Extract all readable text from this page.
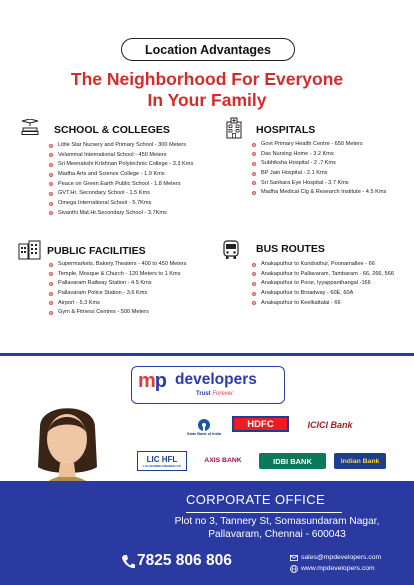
Location Advantages
The Neighborhood For Everyone
In Your Family
SCHOOL & COLLEGES
Little Star Nursery and Primary School - 300 Meters
Velammal International School - 450 Meters
Sri Meenakshi Krishnan Polytechnic College - 3.3 Kms
Madha Arts and Science College - 1.9 Kms
Peace on Green Earth Public School - 1.8 Meters
GVT.Hr. Secondary School - 1.5 Kms
Omega International School - 5.7Kms
Sivanthi Mat.Hr.Secondary School - 3.7Kms
HOSPITALS
Govt Primary Health Centre - 650 Meters
Das Nursing Home - 3.2 Kms
Subhiksha Hospital - 2 .7 Kms
BP Jain Hospital - 2.1 Kms
Sri Sankara Eye Hospital - 3.7 Kms
Madha Medical Clg & Research Institute - 4.5 Kms
PUBLIC FACILITIES
Supermarkets, Bakery,Theaters - 400 to 450 Meters
Temple, Mosque & Church - 120 Meters to 1 Kms
Pallavaram Railway Station - 4.5 Kms
Pallavaram Police Station - 3.6 Kms
Airport - 5.3 Kms
Gym & Fitness Centres - 500 Meters
BUS ROUTES
Anakaputhur to Kundrathur, Poonamallee - 66
Anakaputhur to Pallavaram, Tambaram - 66, 266, 566
Anakaputhur to Porur, Iyyappanthangal -166
Anakaputhur to Broadway - 60E, 60A
Anakaputhur to Keelkattalai - 66
mp developers
Trust Forever
State Bank of India
HDFC	ICICI Bank
LIC HFL
LIC HOUSING FINANCE LTD
AXIS BANK	IDBI BANK	Indian Bank
CORPORATE OFFICE
Plot no 3, Tannery St, Somasundaram Nagar,
Pallavaram, Chennai - 600043
7825 806 806	sales@mpdevelopers.com
www.mpdevelopers.com
